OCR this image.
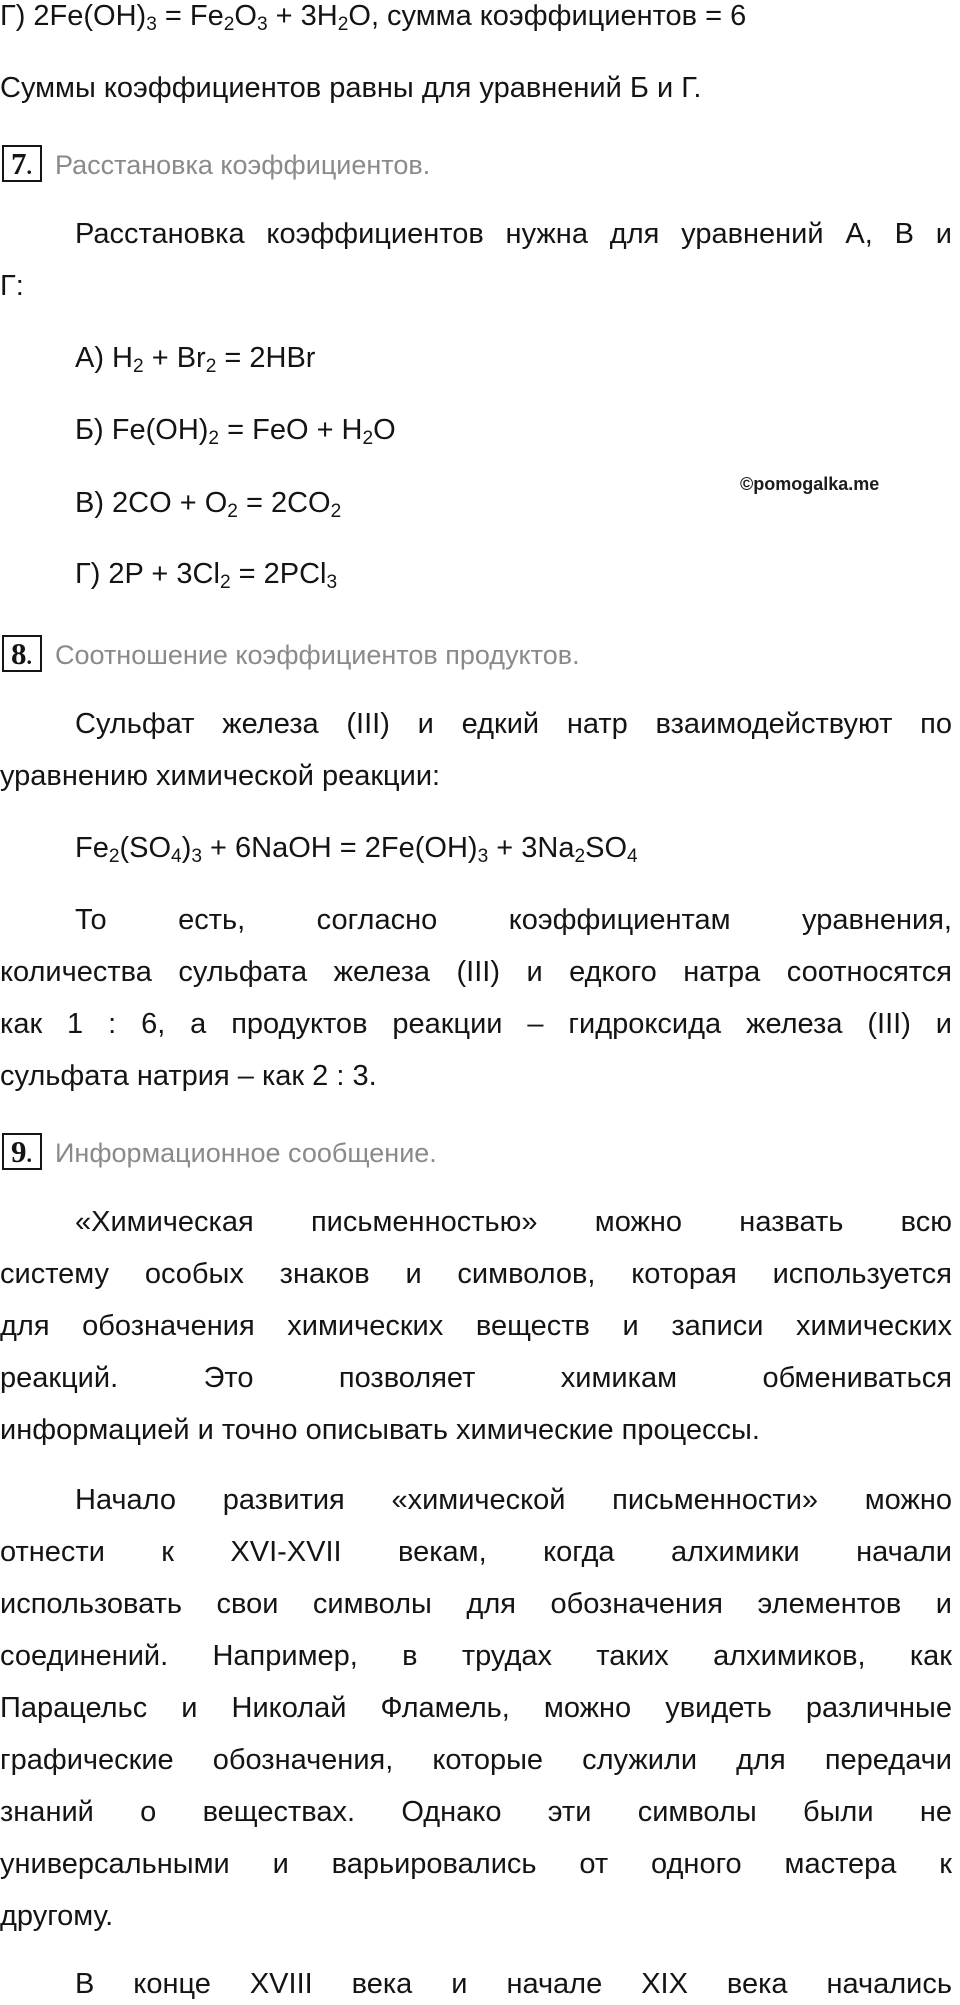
Г) $2Fe(OH)_3 = Fe_2O_3 + 3H_2O$, сумма коэффициентов = 6
Суммы коэффициентов равны для уравнений Б и Г.
7. Расстановка коэффициентов.
Расстановка коэффициентов нужна для уравнений А, В и
Г:
А) $H_2 + Br_2 = 2HBr$
Б) $Fe(OH)_2$ = FeO + $H_2O$
©pomogalka.me
В) $2CO + O_2 = 2CO_2$
Г) $2P + 3Cl_2 = 2PCl_3$
8. Соотношение коэффициентов продуктов.
Сульфат железа (III) и едкий натр взаимодействуют по
уравнению химической реакции:
$Fe_2(SO_4)_3$ + 6NaOH = $2Fe(OH)_3 + 3Na_2SO_4$
То есть, согласно коэффициентам уравнения,
количества сульфата железа (III) и едкого натра соотносятся
как 1 : 6, а продуктов реакции – гидроксида железа (III) и
сульфата натрия – как 2 : 3.
9. Информационное сообщение.
«Химическая письменностью» можно назвать всю
систему особых знаков и символов, которая используется
для обозначения химических веществ и записи химических
реакций. Это позволяет химикам обмениваться
информацией и точно описывать химические процессы.
Начало развития «химической письменности» можно
отнести к XVI-XVII векам, когда алхимики начали
использовать свои символы для обозначения элементов и
соединений. Например, в трудах таких алхимиков, как
Парацельс и Николай Фламель, можно увидеть различные
графические обозначения, которые служили для передачи
знаний о веществах. Однако эти символы были не
универсальными и варьировались от одного мастера к
другому.
В конце XVIII века и начале XIX века начались
